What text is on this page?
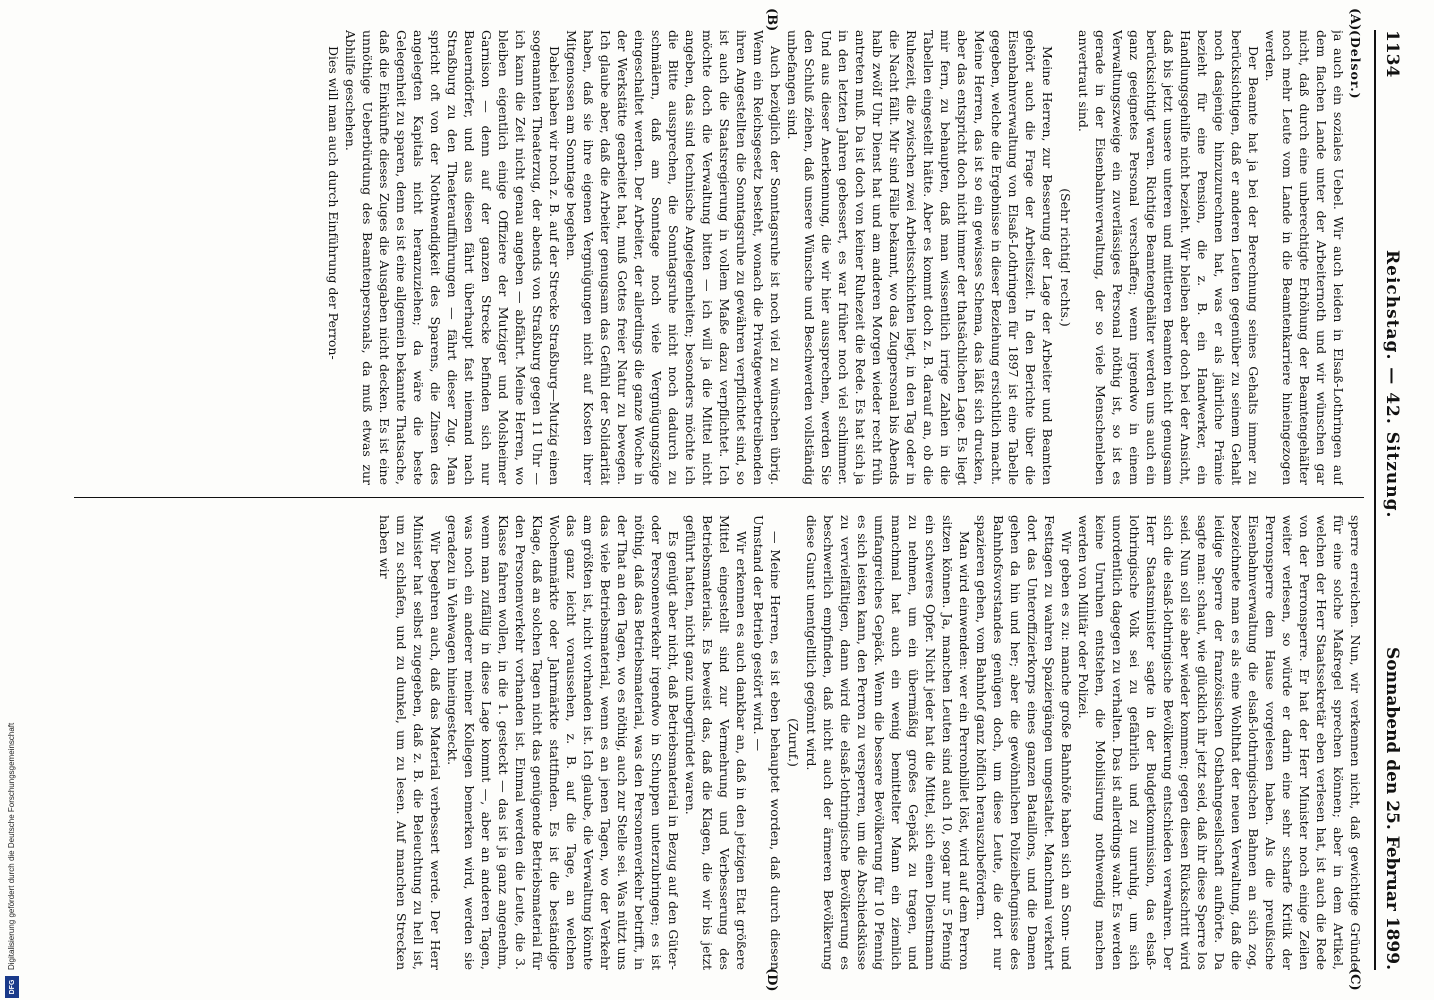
1134
Reichstag. — 42. Sitzung.
Sonnabend den 25. Februar 1899.

(Delsor.)

ja auch ein soziales Uebel. Wir auch leiden in Elsaß-Lothringen auf dem flachen Lande unter der Arbeiternoth und wir wünschen gar nicht, daß durch eine unberechtigte Erhöhung der Beamtengehälter noch mehr Leute vom Lande in die Beamtenkarriere hineingezogen werden.

Der Beamte hat ja bei der Berechnung seines Gehalts immer zu berücksichtigen, daß er anderen Leuten gegenüber zu seinem Gehalt noch dasjenige hinzuzurechnen hat, was er als jährliche Prämie bezieht für eine Pension, die z. B. ein Handwerker, ein Handlungsgehilfe nicht bezieht. Wir bleiben aber doch bei der Ansicht, daß bis jetzt unsere unteren und mittleren Beamten nicht genugsam berücksichtigt waren. Richtige Beamtengehälter werden uns auch ein ganz geeignetes Personal verschaffen; wenn irgendwo in einem Verwaltungszweige ein zuverlässiges Personal nöthig ist, so ist es gerade in der Eisenbahnverwaltung, der so viele Menschenleben anvertraut sind.

(Sehr richtig! rechts.)

Meine Herren, zur Besserung der Lage der Arbeiter und Beamten gehört auch die Frage der Arbeitszeit. In den Berichte über die Eisenbahnverwaltung von Elsaß-Lothringen für 1897 ist eine Tabelle gegeben, welche die Ergebnisse in dieser Beziehung ersichtlich macht. Meine Herren, das ist so ein gewisses Schema, das läßt sich drucken, aber das entspricht doch nicht immer der thatsächlichen Lage. Es liegt mir fern, zu behaupten, daß man wissentlich irrige Zahlen in die Tabellen eingestellt hätte. Aber es kommt doch z. B. darauf an, ob die Ruhezeit, die zwischen zwei Arbeitsschichten liegt, in den Tag oder in die Nacht fällt. Mir sind Fälle bekannt, wo das Zugpersonal bis Abends halb zwölf Uhr Dienst hat und am anderen Morgen wieder recht früh antreten muß. Da ist doch von keiner Ruhezeit die Rede. Es hat sich ja in den letzten Jahren gebessert, es war früher noch viel schlimmer. Und aus dieser Anerkennung, die wir hier aussprechen, werden Sie den Schluß ziehen, daß unsere Wünsche und Beschwerden vollständig unbefangen sind.

Auch bezüglich der Sonntagsruhe ist noch viel zu wünschen übrig. Wenn ein Reichsgesetz besteht, wonach die Privatgewerbetreibenden ihren Angestellten die Sonntagsruhe zu gewähren verpflichtet sind, so ist auch die Staatsregierung in vollem Maße dazu verpflichtet. Ich möchte doch die Verwaltung bitten — ich will ja die Mittel nicht angeben, das sind technische Angelegenheiten; besonders möchte ich die Bitte aussprechen, die Sonntagsruhe nicht noch dadurch zu schmälern, daß am Sonntage noch viele Vergnügungszüge eingeschaltet werden. Der Arbeiter, der allerdings die ganze Woche in der Werkstätte gearbeitet hat, muß Gottes freier Natur zu bewegen. Ich glaube aber, daß die Arbeiter genugsam das Gefühl der Solidarität haben, daß sie ihre eigenen Vergnügungen nicht auf Kosten ihrer Mitgenossen am Sonntage begehen.

Dabei haben wir noch z. B. auf der Strecke Straßburg—Mutzig einen sogenannten Theaterzug, der abends von Straßburg gegen 11 Uhr — ich kann die Zeit nicht genau angeben — abfährt. Meine Herren, wo bleiben eigentlich einige Offiziere der Mutziger und Molsheimer Garnison — denn auf der ganzen Strecke befinden sich nur Bauerndörfer, und aus diesen fährt überhaupt fast niemand nach Straßburg zu den Theateraufführungen — fährt dieser Zug. Man spricht oft von der Nothwendigkeit des Sparens, die Zinsen des angelegten Kapitals nicht heranzuziehen; da wäre die beste Gelegenheit zu sparen, denn es ist eine allgemein bekannte Thatsache, daß die Einkünfte dieses Zuges die Ausgaben nicht decken. Es ist eine unnöthige Ueberbürdung des Beamtenpersonals, da muß etwas zur Abhilfe geschehen.

Dies will man auch durch Einführung der Perron-

sperre erreichen. Nun, wir verkennen nicht, daß gewichtige Gründe für eine solche Maßregel sprechen können; aber in dem Artikel, welchen der Herr Staatssekretär eben verlesen hat, ist auch die Rede von der Perronsperre. Er hat der Herr Minister noch einige Zeilen weiter verlesen, so würde er darin eine sehr scharfe Kritik der Perronsperre dem Hause vorgelesen haben. Als die preußische Eisenbahnverwaltung die elsaß-lothringischen Bahnen an sich zog, bezeichnete man es als eine Wohlthat der neuen Verwaltung, daß die leidige Sperre der französischen Ostbahngesellschaft aufhörte. Da sagte man: schaut, wie glücklich ihr jetzt seid, daß ihr diese Sperre los seid. Nun soll sie aber wieder kommen; gegen diesen Rückschritt wird sich die elsaß-lothringische Bevölkerung entschieden verwahren. Der Herr Staatsminister sagte in der Budgetkommission, das elsaß-lothringische Volk sei zu gefährlich und zu unruhig, um sich unordentlich dagegen zu verhalten. Das ist allerdings wahr. Es werden keine Unruhen entstehen, die Mobilisirung nothwendig machen werden von Militär oder Polizei.

Wir geben es zu: manche große Bahnhöfe haben sich an Sonn- und Festtagen zu wahren Spaziergängen umgestaltet. Manchmal verkehrt dort das Unteroffizierkorps eines ganzen Bataillons, und die Damen gehen da hin und her; aber die gewöhnlichen Polizeibefugnisse des Bahnhofsvorstandes genügen doch, um diese Leute, die dort nur spazieren gehen, vom Bahnhof ganz höflich herauszubefördern.

Man wird einwenden: wer ein Perronbillet löst, wird auf dem Perron sitzen können. Ja, manchen Leuten sind auch 10, sogar nur 5 Pfennig ein schweres Opfer. Nicht jeder hat die Mittel, sich einen Dienstmann zu nehmen, um ein übermäßig großes Gepäck zu tragen, und manchmal hat auch ein wenig bemittelter Mann ein ziemlich umfangreiches Gepäck. Wenn die bessere Bevölkerung für 10 Pfennig es sich leisten kann, den Perron zu versperren, um die Abschiedsküsse zu vervielfältigen, dann wird die elsaß-lothringische Bevölkerung es beschwerlich empfinden, daß nicht auch der ärmeren Bevölkerung diese Gunst unentgeltlich gegönnt wird.

(Zuruf.)

— Meine Herren, es ist eben behauptet worden, daß durch diesen Umstand der Betrieb gestört wird. —

Wir erkennen es auch dankbar an, daß in den jetzigen Etat größere Mittel eingestellt sind zur Vermehrung und Verbesserung des Betriebsmaterials. Es beweist das, daß die Klagen, die wir bis jetzt geführt hatten, nicht ganz unbegründet waren.

Es genügt aber nicht, daß Betriebsmaterial in Bezug auf den Güter- oder Personenverkehr irgendwo in Schuppen unterzubringen; es ist nöthig, daß das Betriebsmaterial, was den Personenverkehr betrifft, in der That an den Tagen, wo es nöthig, auch zur Stelle sei. Was nützt uns das viele Betriebsmaterial, wenn es an jenen Tagen, wo der Verkehr am größten ist, nicht vorhanden ist. Ich glaube, die Verwaltung könnte das ganz leicht voraussehen, z. B. auf die Tage, an welchen Wochenmärkte oder Jahrmärkte stattfinden. Es ist die beständige Klage, daß an solchen Tagen nicht das genügende Betriebsmaterial für den Personenverkehr vorhanden ist. Einmal werden die Leute, die 3. Klasse fahren wollen, in die 1. gesteckt — das ist ja ganz angenehm, wenn man zufällig in diese Lage kommt —, aber an anderen Tagen, was noch ein anderer meiner Kollegen bemerken wird, werden sie geradezu in Viehwagen hineingesteckt.

Wir begehren auch, daß das Material verbessert werde. Der Herr Minister hat selbst zugegeben, daß z. B. die Beleuchtung zu hell ist, um zu schlafen, und zu dunkel, um zu lesen. Auf manchen Strecken haben wir

(A)
(B)
(C)
(D)
DFG
Digitalisierung gefördert durch die Deutsche Forschungsgemeinschaft
